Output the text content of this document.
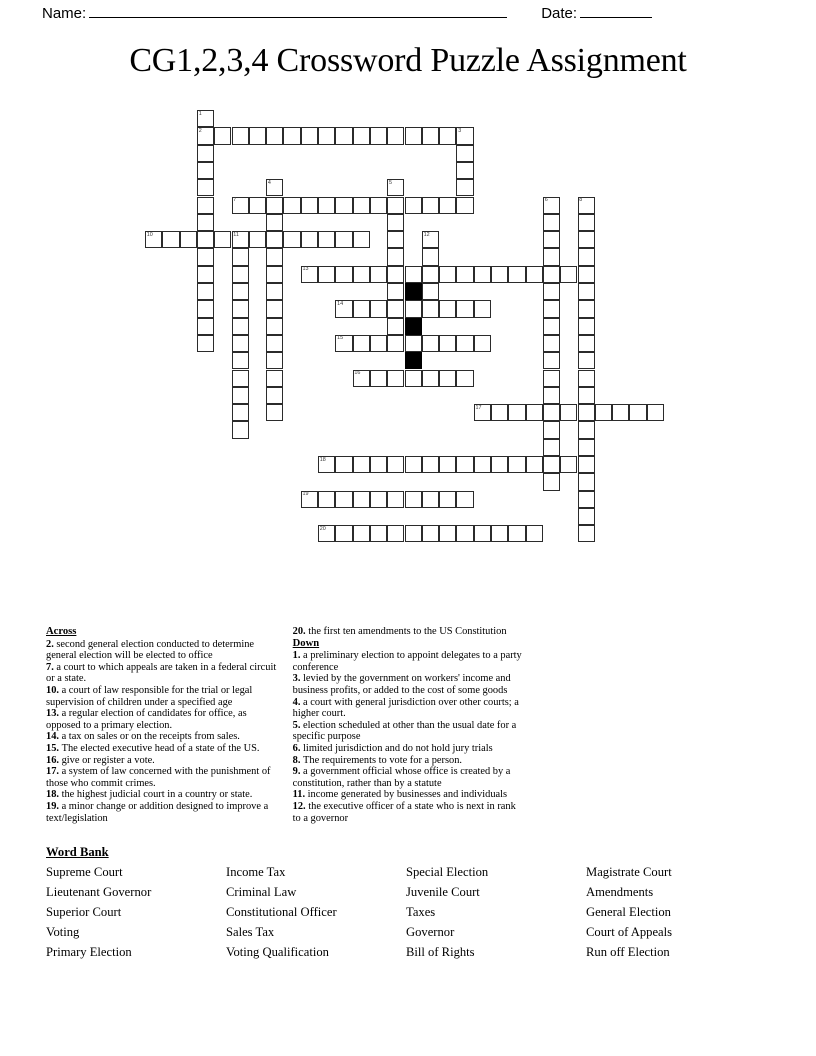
Name:	Date:
CG1,2,3,4 Crossword Puzzle Assignment
1
2	3
4	5
7	6	8
10	11	12
13
14
15
16
17
18
19
20
Across

2. second general election conducted to determine general election will be elected to office

7. a court to which appeals are taken in a federal circuit or a state.

10. a court of law responsible for the trial or legal supervision of children under a specified age

13. a regular election of candidates for office, as opposed to a primary election.

14. a tax on sales or on the receipts from sales.

15. The elected executive head of a state of the US.

16. give or register a vote.

17. a system of law concerned with the punishment of those who commit crimes.

18. the highest judicial court in a country or state.

19. a minor change or addition designed to improve a text/legislation

20. the first ten amendments to the US Constitution

Down

1. a preliminary election to appoint delegates to a party conference

3. levied by the government on workers' income and business profits, or added to the cost of some goods

4. a court with general jurisdiction over other courts; a higher court.

5. election scheduled at other than the usual date for a specific purpose

6. limited jurisdiction and do not hold jury trials

8. The requirements to vote for a person.

9. a government official whose office is created by a constitution, rather than by a statute

11. income generated by businesses and individuals

12. the executive officer of a state who is next in rank to a governor

Word Bank
Supreme Court	Income Tax	Special Election	Magistrate Court
Lieutenant Governor	Criminal Law	Juvenile Court	Amendments
Superior Court	Constitutional Officer	Taxes	General Election
Voting	Sales Tax	Governor	Court of Appeals
Primary Election	Voting Qualification	Bill of Rights	Run off Election
